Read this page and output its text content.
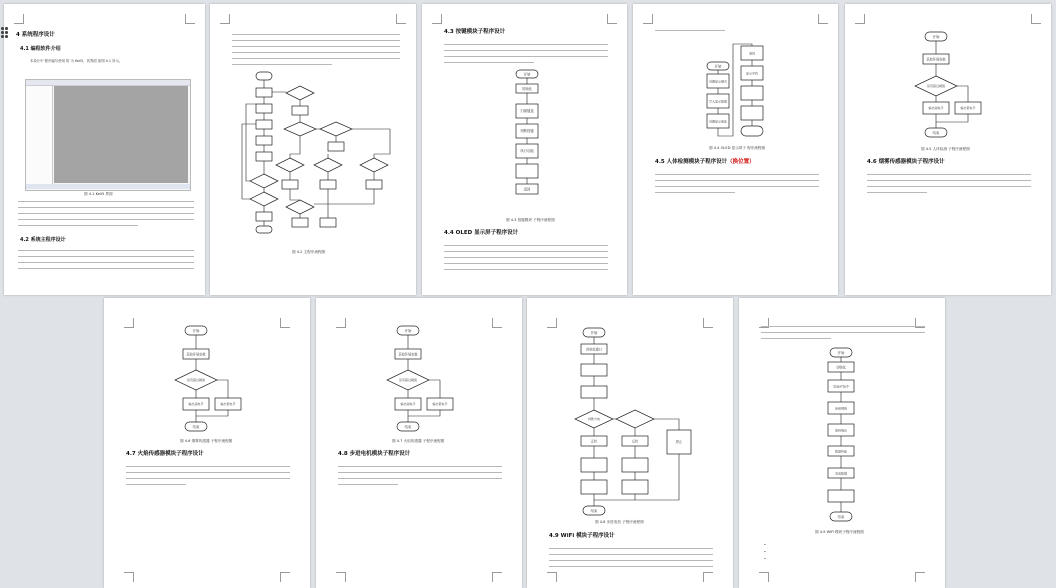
4 系统程序设计
4.1 编程软件介绍
本设计中 程序编写使用 的 为 Keil5，其界面 如图 4.1 所示。
图 4.1 Keil5 界面
4.2 系统主程序设计
图 4.2 主程序流程图
4.3 按键模块子程序设计
开始
初始化
扫描键盘
判断按键
执行功能
返回
图 4.3 按键模块 子程序流程图
4.4 OLED 显示屏子程序设计
开始
设置显示模式
写入显示数据
设置显示地址
清屏
显示字符
图 4.4 OLED 显示屏子 程序流程图
4.5 人体检测模块子程序设计（换位置）
开始
获取环境参数
是否超过阈值
输出高电平	输出低电平
结束
图 4.5 人体检测 子程序流程图
4.6 烟雾传感器模块子程序设计
开始
获取环境参数
是否超过阈值
输出高电平	输出低电平
结束
图 4.6 烟雾传感器 子程序流程图
4.7 火焰传感器模块子程序设计
开始
获取环境参数
是否超过阈值
输出高电平	输出低电平
结束
图 4.7 火焰传感器 子程序流程图
4.8 步进电机模块子程序设计
开始
初始化端口
判断方向
正转	反转	停止
结束
图 4.8 步进电机 子程序流程图
4.9 WiFi 模块子程序设计
开始
初始化
发送AT指令
连接网络
等待响应
数据传输
发送数据
结束
图 4.9 WiFi 模块子程序流程图
•
•
•
